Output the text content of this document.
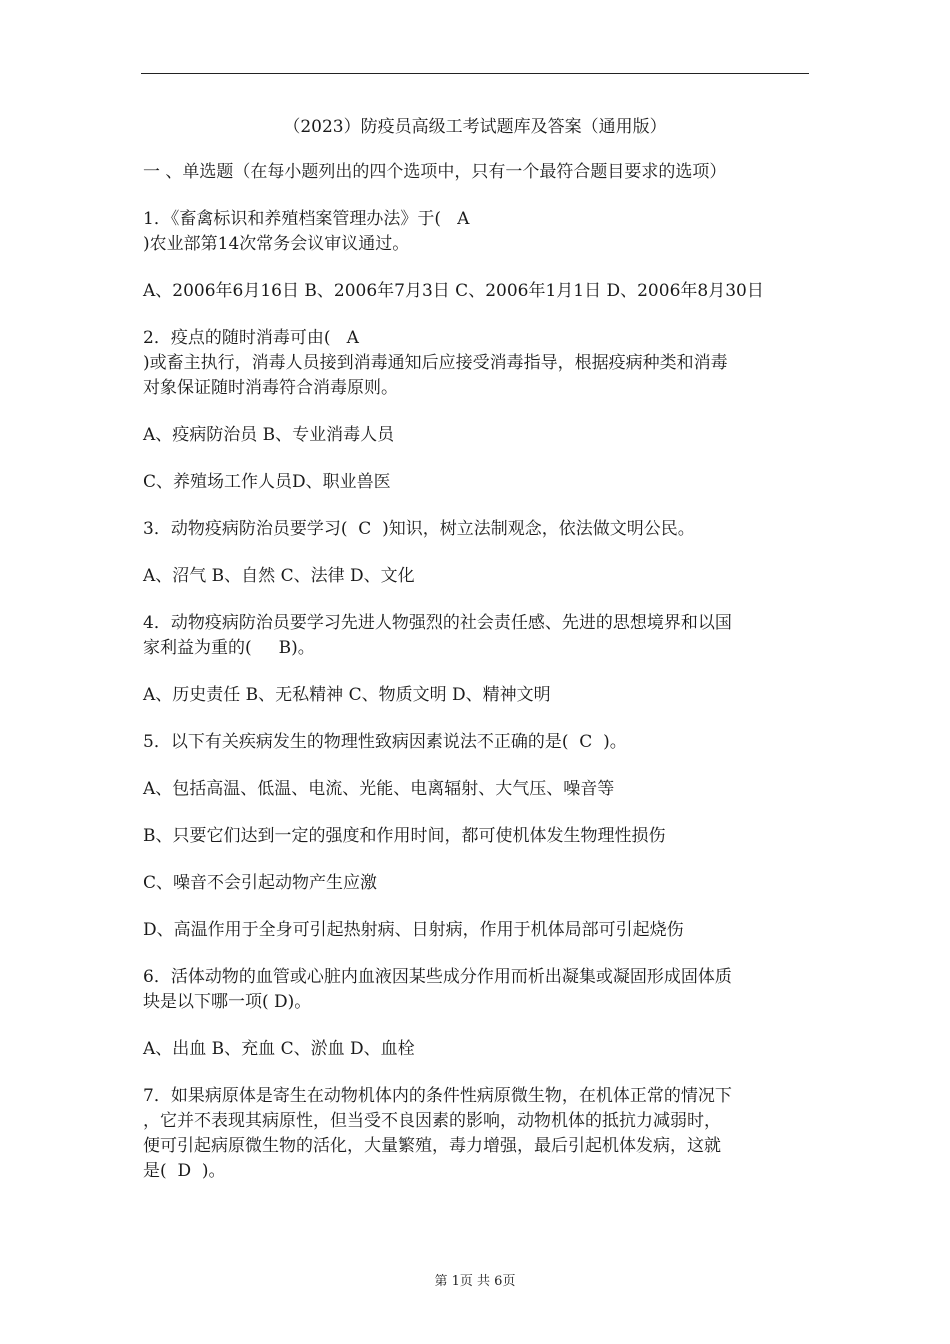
（2023）防疫员高级工考试题库及答案（通用版）
一 、单选题（在每小题列出的四个选项中，只有一个最符合题目要求的选项）
1．《畜禽标识和养殖档案管理办法》于(   A
)农业部第14次常务会议审议通过。
A、2006年6月16日 B、2006年7月3日 C、2006年1月1日 D、2006年8月30日
2．疫点的随时消毒可由(   A
)或畜主执行，消毒人员接到消毒通知后应接受消毒指导，根据疫病种类和消毒
对象保证随时消毒符合消毒原则。
A、疫病防治员 B、专业消毒人员
C、养殖场工作人员D、职业兽医
3．动物疫病防治员要学习(  C  )知识，树立法制观念，依法做文明公民。
A、沼气 B、自然 C、法律 D、文化
4．动物疫病防治员要学习先进人物强烈的社会责任感、先进的思想境界和以国
家利益为重的(     B)。
A、历史责任 B、无私精神 C、物质文明 D、精神文明
5．以下有关疾病发生的物理性致病因素说法不正确的是(  C  )。
A、包括高温、低温、电流、光能、电离辐射、大气压、噪音等
B、只要它们达到一定的强度和作用时间，都可使机体发生物理性损伤
C、噪音不会引起动物产生应激
D、高温作用于全身可引起热射病、日射病，作用于机体局部可引起烧伤
6．活体动物的血管或心脏内血液因某些成分作用而析出凝集或凝固形成固体质
块是以下哪一项( D)。
A、出血 B、充血 C、淤血 D、血栓
7．如果病原体是寄生在动物机体内的条件性病原微生物，在机体正常的情况下
，它并不表现其病原性，但当受不良因素的影响，动物机体的抵抗力减弱时，
便可引起病原微生物的活化，大量繁殖，毒力增强，最后引起机体发病，这就
是(  D  )。
第 1页 共 6页
